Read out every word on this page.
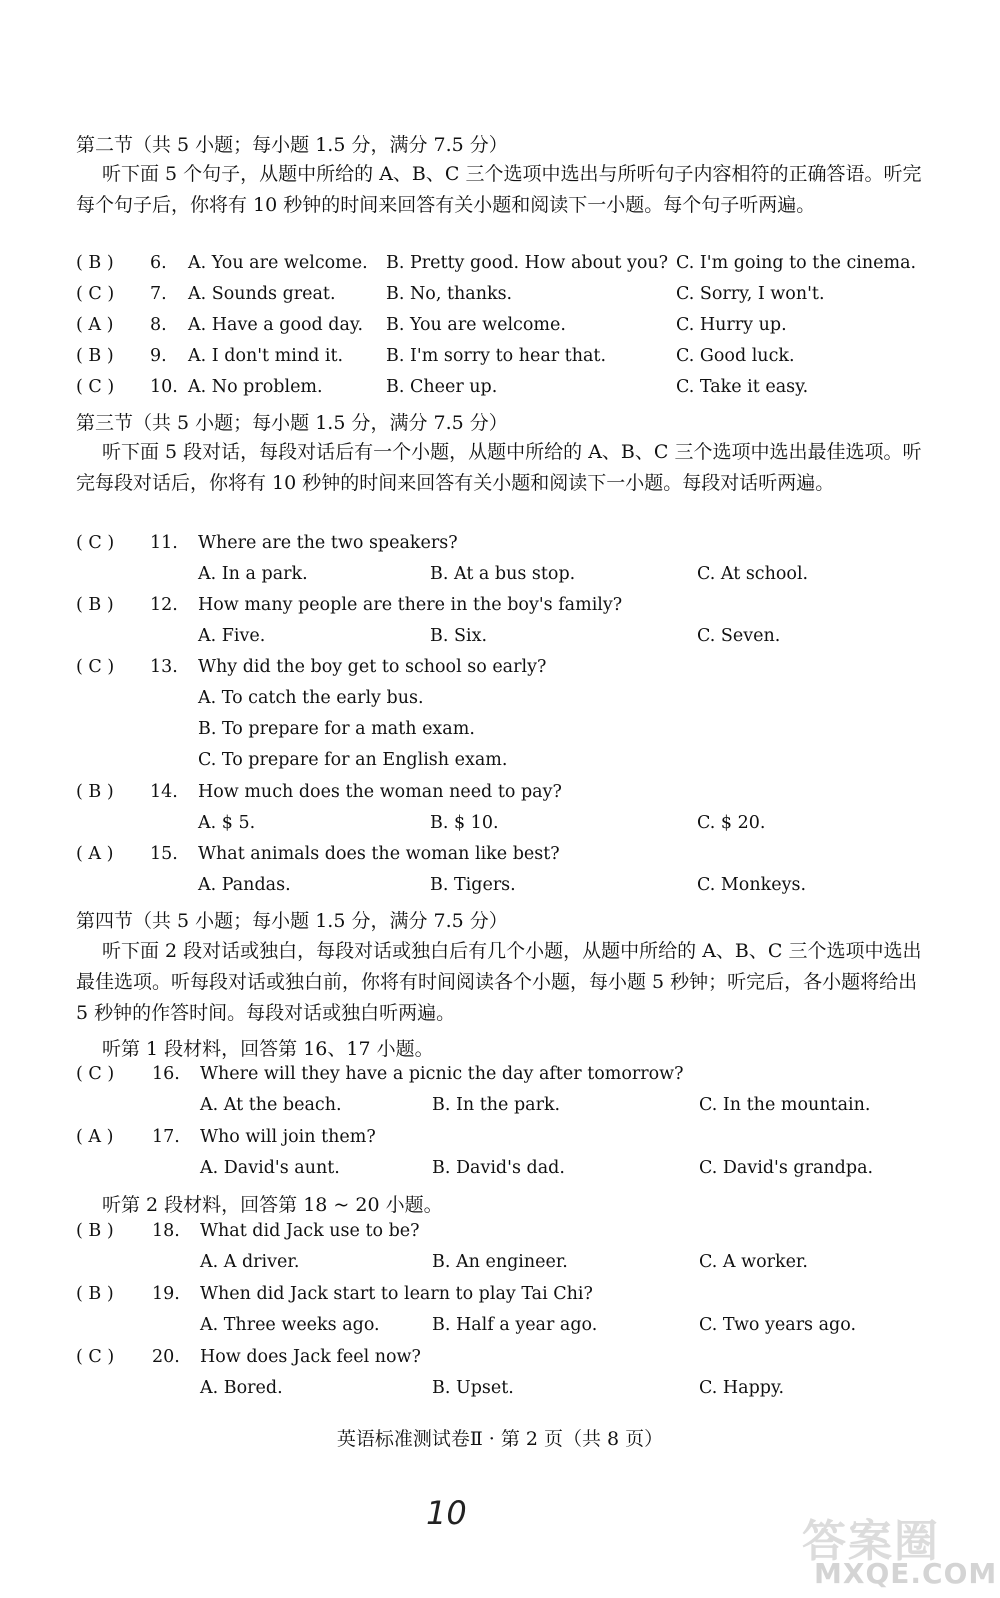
第二节（共 5 小题；每小题 1.5 分，满分 7.5 分）

听下面 5 个句子，从题中所给的 A、B、C 三个选项中选出与所听句子内容相符的正确答语。听完每个句子后，你将有 10 秒钟的时间来回答有关小题和阅读下一小题。每个句子听两遍。

( B ) 6. A. You are welcome. B. Pretty good. How about you? C. I'm going to the cinema.
( C ) 7. A. Sounds great.	B. No, thanks.	C. Sorry, I won't.
( A ) 8. A. Have a good day. B. You are welcome.	C. Hurry up.
( B ) 9. A. I don't mind it. B. I'm sorry to hear that.	C. Good luck.
( C ) 10. A. No problem.	B. Cheer up.	C. Take it easy.
第三节（共 5 小题；每小题 1.5 分，满分 7.5 分）

听下面 5 段对话，每段对话后有一个小题，从题中所给的 A、B、C 三个选项中选出最佳选项。听完每段对话后，你将有 10 秒钟的时间来回答有关小题和阅读下一小题。每段对话听两遍。

( C ) 11. Where are the two speakers?
A. In a park.	B. At a bus stop.	C. At school.
( B ) 12. How many people are there in the boy's family?
A. Five.	B. Six.	C. Seven.
( C ) 13. Why did the boy get to school so early?
A. To catch the early bus.
B. To prepare for a math exam.
C. To prepare for an English exam.
( B ) 14. How much does the woman need to pay?
A. $ 5.	B. $ 10.	C. $ 20.
( A ) 15. What animals does the woman like best?
A. Pandas.	B. Tigers.	C. Monkeys.
第四节（共 5 小题；每小题 1.5 分，满分 7.5 分）

听下面 2 段对话或独白，每段对话或独白后有几个小题，从题中所给的 A、B、C 三个选项中选出最佳选项。听每段对话或独白前，你将有时间阅读各个小题，每小题 5 秒钟；听完后，各小题将给出 5 秒钟的作答时间。每段对话或独白听两遍。

听第 1 段材料，回答第 16、17 小题。
( C ) 16. Where will they have a picnic the day after tomorrow?
A. At the beach.	B. In the park.	C. In the mountain.
( A ) 17. Who will join them?
A. David's aunt.	B. David's dad.	C. David's grandpa.
听第 2 段材料，回答第 18 ~ 20 小题。
( B ) 18. What did Jack use to be?
A. A driver.	B. An engineer.	C. A worker.
( B ) 19. When did Jack start to learn to play Tai Chi?
A. Three weeks ago.	B. Half a year ago.	C. Two years ago.
( C ) 20. How does Jack feel now?
A. Bored.	B. Upset.	C. Happy.
英语标准测试卷Ⅱ · 第 2 页（共 8 页）
10
答案圈
MXQE.COM
